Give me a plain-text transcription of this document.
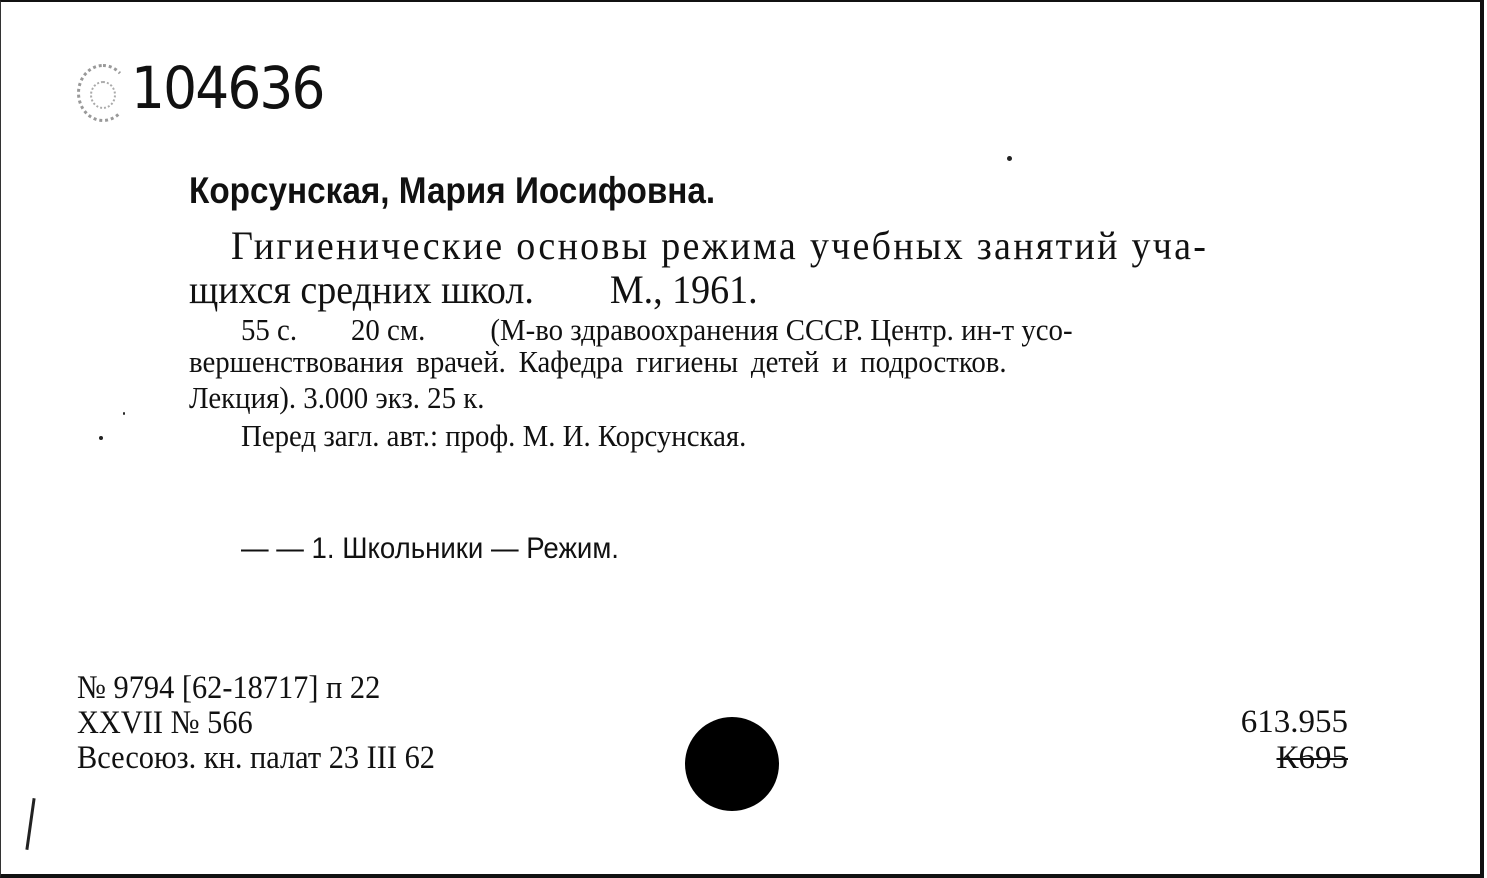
104636
Корсунская, Мария Иосифовна.
Гигиенические основы режима учебных занятий уча-
щихся средних школ. М., 1961.
55 с. 20 см. (М-во здравоохранения СССР. Центр. ин-т усо-
вершенствования врачей. Кафедра гигиены детей и подростков.
Лекция). 3.000 экз. 25 к.
Перед загл. авт.: проф. М. И. Корсунская.
— — 1. Школьники — Режим.
№ 9794 [62-18717] п 22
XXVII № 566
Всесоюз. кн. палат 23 III 62
613.955
К695
